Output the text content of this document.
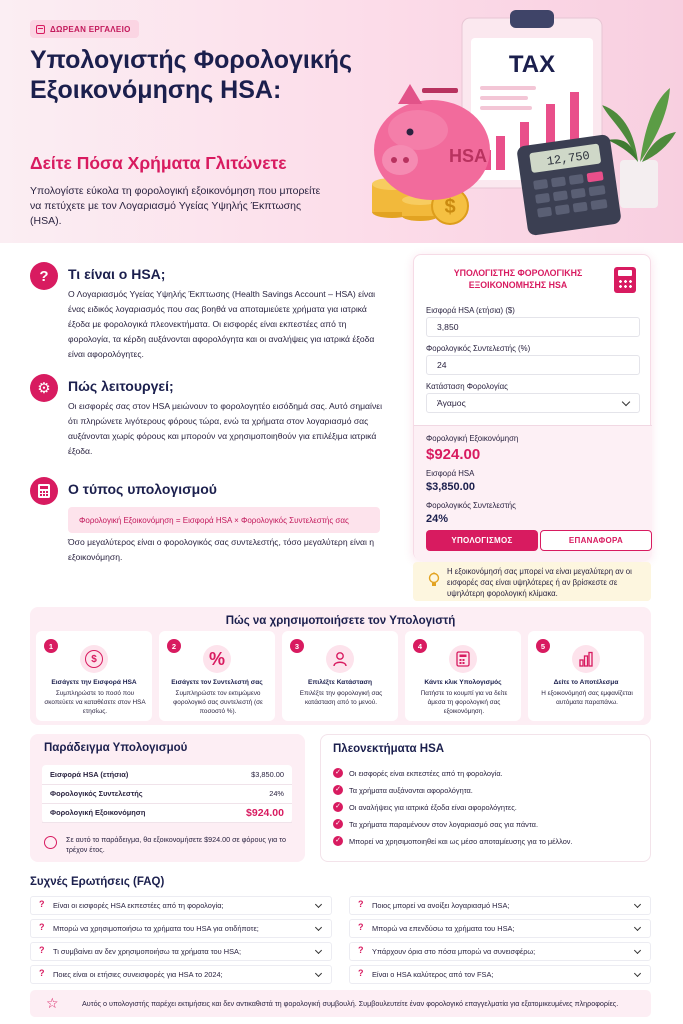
ΔΩΡΕΑΝ ΕΡΓΑΛΕΙΟ
Υπολογιστής Φορολογικής Εξοικονόμησης HSA:
Δείτε Πόσα Χρήματα Γλιτώνετε

Υπολογίστε εύκολα τη φορολογική εξοικονόμηση που μπορείτε να πετύχετε με τον Λογαριασμό Υγείας Υψηλής Έκπτωσης (HSA).

TAX
$
HSA	12,750
?	Τι είναι ο HSA;

Ο Λογαριασμός Υγείας Υψηλής Έκπτωσης (Health Savings Account – HSA) είναι ένας ειδικός λογαριασμός που σας βοηθά να αποταμιεύετε χρήματα για ιατρικά έξοδα με φορολογικά πλεονεκτήματα. Οι εισφορές είναι εκπεστέες από τη φορολογία, τα κέρδη αυξάνονται αφορολόγητα και οι αναλήψεις για ιατρικά έξοδα είναι αφορολόγητες.

⚙	Πώς λειτουργεί;

Οι εισφορές σας στον HSA μειώνουν το φορολογητέο εισόδημά σας. Αυτό σημαίνει ότι πληρώνετε λιγότερους φόρους τώρα, ενώ τα χρήματα στον λογαριασμό σας αυξάνονται χωρίς φόρους και μπορούν να χρησιμοποιηθούν για επιλέξιμα ιατρικά έξοδα.

Ο τύπος υπολογισμού
Φορολογική Εξοικονόμηση = Εισφορά HSA × Φορολογικός Συντελεστής σας

Όσο μεγαλύτερος είναι ο φορολογικός σας συντελεστής, τόσο μεγαλύτερη είναι η εξοικονόμηση.

ΥΠΟΛΟΓΙΣΤΗΣ ΦΟΡΟΛΟΓΙΚΗΣ ΕΞΟΙΚΟΝΟΜΗΣΗΣ HSA
Εισφορά HSA (ετήσια) ($)
3,850
Φορολογικός Συντελεστής (%)
24
Κατάσταση Φορολογίας
Άγαμος
Φορολογική Εξοικονόμηση
$924.00
Εισφορά HSA
$3,850.00
Φορολογικός Συντελεστής
24%
ΥΠΟΛΟΓΙΣΜΟΣ	ΕΠΑΝΑΦΟΡΑ
Η εξοικονόμησή σας μπορεί να είναι μεγαλύτερη αν οι εισφορές σας είναι υψηλότερες ή αν βρίσκεστε σε υψηλότερη φορολογική κλίμακα.
Πώς να χρησιμοποιήσετε τον Υπολογιστή
1
$
Εισάγετε την Εισφορά HSA
Συμπληρώστε το ποσό που σκοπεύετε να καταθέσετε στον HSA ετησίως.
2
%
Εισάγετε τον Συντελεστή σας
Συμπληρώστε τον εκτιμώμενο φορολογικό σας συντελεστή (σε ποσοστό %).
3
Επιλέξτε Κατάσταση
Επιλέξτε την φορολογική σας κατάσταση από το μενού.
4
Κάντε κλικ Υπολογισμός
Πατήστε το κουμπί για να δείτε άμεσα τη φορολογική σας εξοικονόμηση.
5
Δείτε το Αποτέλεσμα
Η εξοικονόμησή σας εμφανίζεται αυτόματα παραπάνω.
Παράδειγμα Υπολογισμού
Εισφορά HSA (ετήσια)	$3,850.00
Φορολογικός Συντελεστής	24%
Φορολογική Εξοικονόμηση	$924.00
Σε αυτό το παράδειγμα, θα εξοικονομήσετε $924.00 σε φόρους για το τρέχον έτος.
Πλεονεκτήματα HSA
✓ Οι εισφορές είναι εκπεστέες από τη φορολογία.
✓ Τα χρήματα αυξάνονται αφορολόγητα.
✓ Οι αναλήψεις για ιατρικά έξοδα είναι αφορολόγητες.
✓ Τα χρήματα παραμένουν στον λογαριασμό σας για πάντα.
✓ Μπορεί να χρησιμοποιηθεί και ως μέσο αποταμίευσης για το μέλλον.
Συχνές Ερωτήσεις (FAQ)
? Είναι οι εισφορές HSA εκπεστέες από τη φορολογία;
? Μπορώ να χρησιμοποιήσω τα χρήματα του HSA για οτιδήποτε;
? Τι συμβαίνει αν δεν χρησιμοποιήσω τα χρήματα του HSA;
? Ποιες είναι οι ετήσιες συνεισφορές για HSA το 2024;
? Ποιος μπορεί να ανοίξει λογαριασμό HSA;
? Μπορώ να επενδύσω τα χρήματα του HSA;
? Υπάρχουν όρια στο πόσα μπορώ να συνεισφέρω;
? Είναι ο HSA καλύτερος από τον FSA;
☆	Αυτός ο υπολογιστής παρέχει εκτιμήσεις και δεν αντικαθιστά τη φορολογική συμβουλή. Συμβουλευτείτε έναν φορολογικό επαγγελματία για εξατομικευμένες πληροφορίες.
